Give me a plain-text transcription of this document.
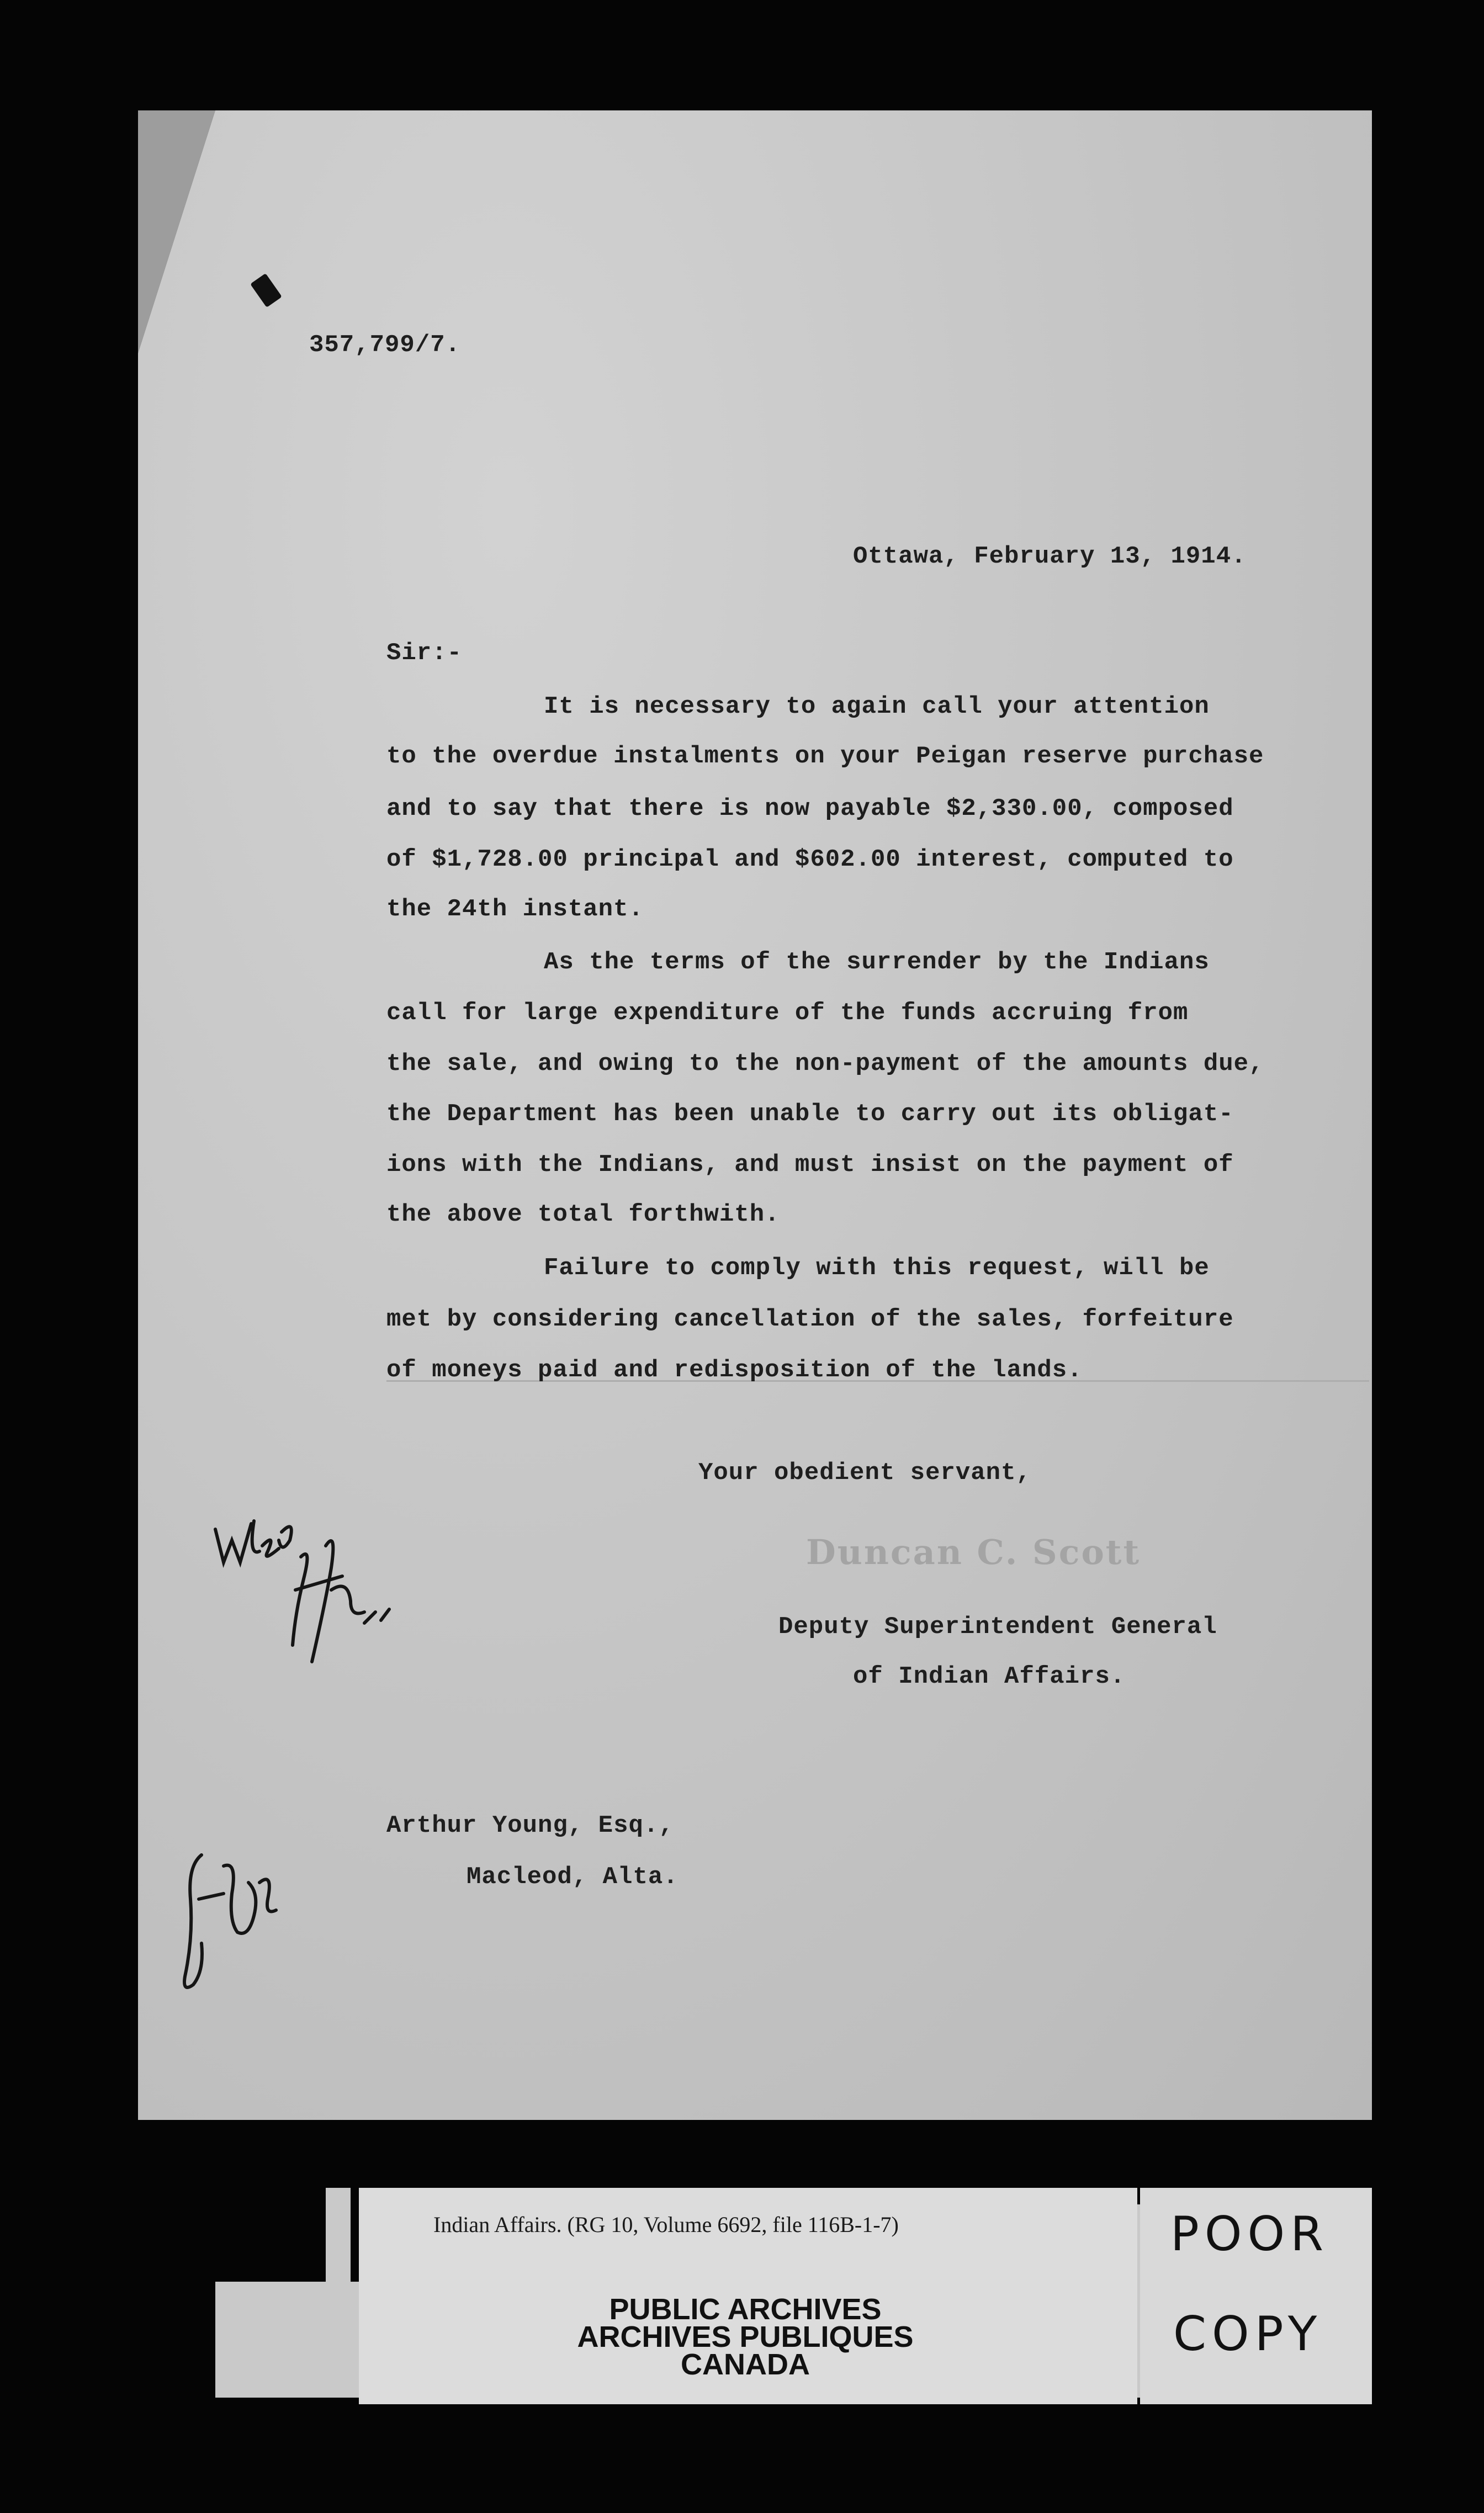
357,799/7.

Ottawa, February 13, 1914.

Sir:-

It is necessary to again call your attention

to the overdue instalments on your Peigan reserve purchase

and to say that there is now payable $2,330.00, composed

of $1,728.00 principal and $602.00 interest, computed to

the 24th instant.

As the terms of the surrender by the Indians

call for large expenditure of the funds accruing from

the sale, and owing to the non-payment of the amounts due,

the Department has been unable to carry out its obligat-

ions with the Indians, and must insist on the payment of

the above total forthwith.

Failure to comply with this request, will be

met by considering cancellation of the sales, forfeiture

of moneys paid and redisposition of the lands.

Your obedient servant,

Duncan C. Scott

Deputy Superintendent General

of Indian Affairs.

Arthur Young, Esq.,

Macleod, Alta.

Indian Affairs. (RG 10, Volume 6692, file 116B-1-7)
PUBLIC ARCHIVES
ARCHIVES PUBLIQUES
CANADA
POOR
COPY
